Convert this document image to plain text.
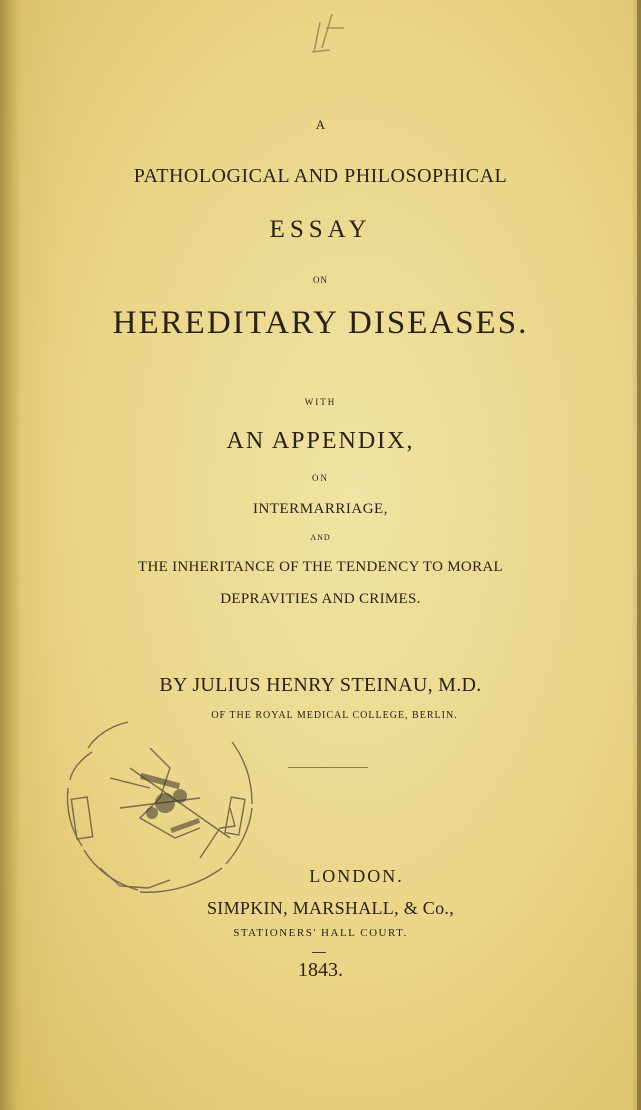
A
PATHOLOGICAL AND PHILOSOPHICAL
ESSAY
ON
HEREDITARY DISEASES.
WITH
AN APPENDIX,
ON
INTERMARRIAGE,
AND
THE INHERITANCE OF THE TENDENCY TO MORAL
DEPRAVITIES AND CRIMES.
BY JULIUS HENRY STEINAU, M.D.
OF THE ROYAL MEDICAL COLLEGE, BERLIN.
LONDON.
SIMPKIN, MARSHALL, & Co.,
STATIONERS' HALL COURT.
1843.
